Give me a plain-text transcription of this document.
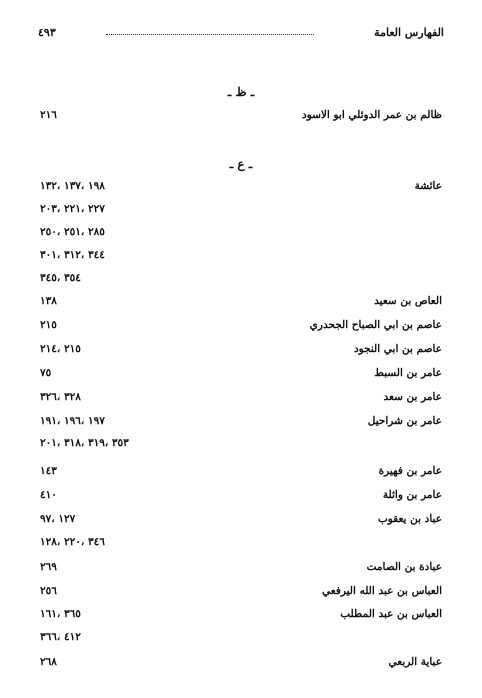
الفهارس العامة
٤٩٣
ـ ظ ـ
ظالم بن عمر الدوئلي ابو الاسود
٢١٦
ـ ع ـ
عائشة
١٩٨ ،١٣٧ ،١٣٢
٢٢٧ ،٢٢١ ،٢٠٣
٢٨٥ ،٢٥١ ،٢٥٠
٣٤٤ ،٣١٢ ،٣٠١
٣٥٤ ،٣٤٥
العاص بن سعيد
١٣٨
عاصم بن ابي الصباح الجحدري
٢١٥
عاصم بن ابي النجود
٢١٥ ،٢١٤
عامر بن السبط
٧٥
عامر بن سعد
٣٢٨ ،٣٢٦
عامر بن شراحيل
١٩٧ ،١٩٦ ،١٩١
٣٥٣ ،٣١٩ ،٣١٨ ،٢٠١
عامر بن فهيرة
١٤٣
عامر بن واثلة
٤١٠
عباد بن يعقوب
١٢٧ ،٩٧
٣٤٦ ،٢٢٠ ،١٢٨
عبادة بن الصامت
٢٦٩
العباس بن عبد الله اليرفعي
٢٥٦
العباس بن عبد المطلب
٣٦٥ ،١٦١
٤١٢ ،٣٦٦
عباية الربعي
٢٦٨
